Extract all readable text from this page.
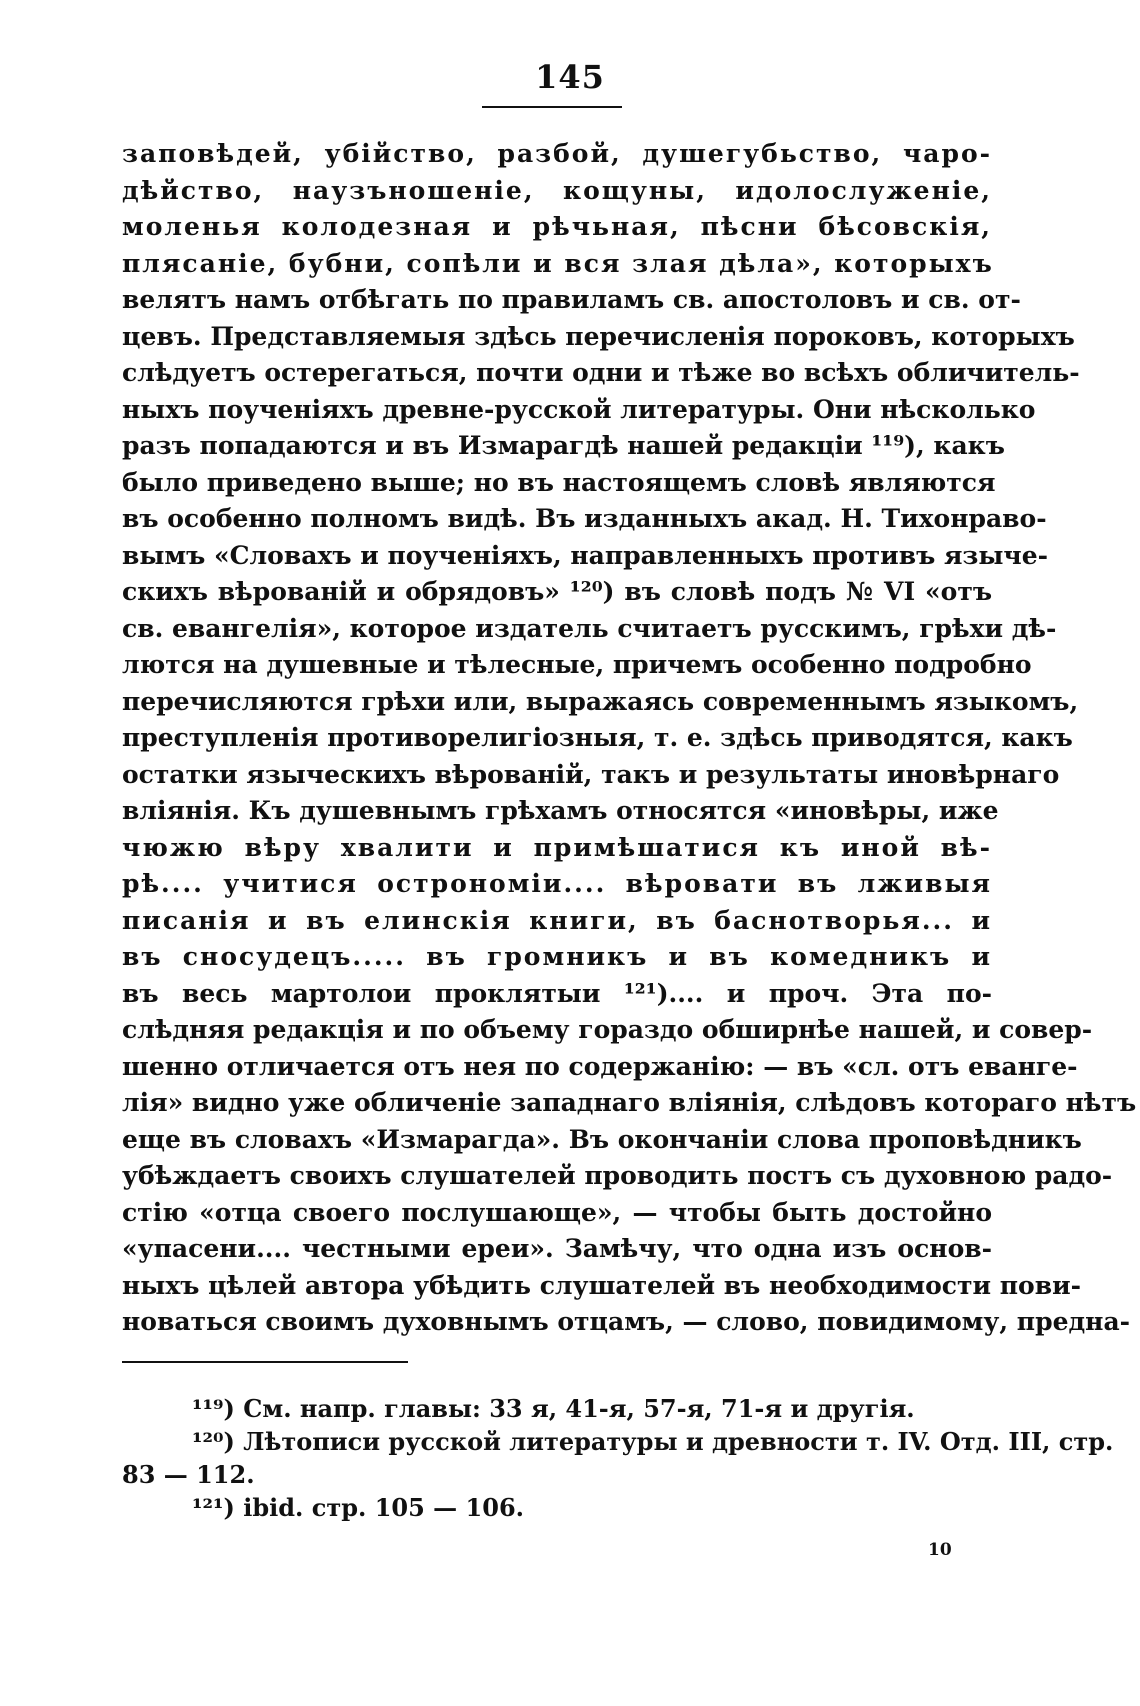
145
заповѣдей, убійство, разбой, душегубьство, чаро-
дѣйство, наузъношеніе, кощуны, идолослуженіе,
моленья колодезная и рѣчьная, пѣсни бѣсовскія,
плясаніе, бубни, сопѣли и вся злая дѣла», которыхъ
велятъ намъ отбѣгать по правиламъ св. апостоловъ и св. от-
цевъ. Представляемыя здѣсь перечисленія пороковъ, которыхъ
слѣдуетъ остерегаться, почти одни и тѣже во всѣхъ обличитель-
ныхъ поученіяхъ древне-русской литературы. Они нѣсколько
разъ попадаются и въ Измарагдѣ нашей редакціи ¹¹⁹), какъ
было приведено выше; но въ настоящемъ словѣ являются
въ особенно полномъ видѣ. Въ изданныхъ акад. Н. Тихонраво-
вымъ «Словахъ и поученіяхъ, направленныхъ противъ языче-
скихъ вѣрованій и обрядовъ» ¹²⁰) въ словѣ подъ № VI «отъ
св. евангелія», которое издатель считаетъ русскимъ, грѣхи дѣ-
лются на душевные и тѣлесные, причемъ особенно подробно
перечисляются грѣхи или, выражаясь современнымъ языкомъ,
преступленія противорелигіозныя, т. е. здѣсь приводятся, какъ
остатки языческихъ вѣрованій, такъ и результаты иновѣрнаго
вліянія. Къ душевнымъ грѣхамъ относятся «иновѣры, иже
чюжю вѣру хвалити и примѣшатися къ иной вѣ-
рѣ.... учитися острономіи.... вѣровати въ лживыя
писанія и въ елинскія книги, въ баснотворья... и
въ сносудецъ..... въ громникъ и въ комедникъ и
въ весь мартолои проклятыи ¹²¹).... и проч. Эта по-
слѣдняя редакція и по объему гораздо обширнѣе нашей, и совер-
шенно отличается отъ нея по содержанію: — въ «сл. отъ еванге-
лія» видно уже обличеніе западнаго вліянія, слѣдовъ котораго нѣтъ
еще въ словахъ «Измарагда». Въ окончаніи слова проповѣдникъ
убѣждаетъ своихъ слушателей проводить постъ съ духовною радо-
стію «отца своего послушающе», — чтобы быть достойно
«упасени.... честными ереи». Замѣчу, что одна изъ основ-
ныхъ цѣлей автора убѣдить слушателей въ необходимости пови-
новаться своимъ духовнымъ отцамъ, — слово, повидимому, предна-
¹¹⁹) См. напр. главы: 33 я, 41-я, 57-я, 71-я и другія.
¹²⁰) Лѣтописи русской литературы и древности т. IV. Отд. III, стр.
83 — 112.
¹²¹) ibid. стр. 105 — 106.
10
